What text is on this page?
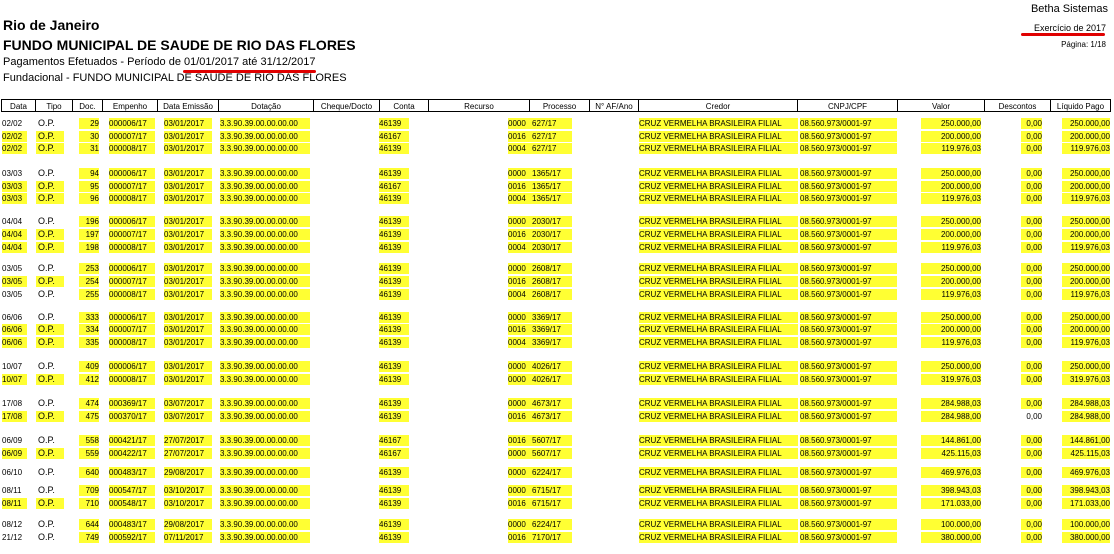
Betha Sistemas
Exercício de 2017
Página: 1/18
Rio de Janeiro
FUNDO MUNICIPAL DE SAUDE DE RIO DAS FLORES
Pagamentos Efetuados - Período de 01/01/2017 até 31/12/2017
Fundacional - FUNDO MUNICIPAL DE SAUDE DE RIO DAS FLORES
Data	Tipo	Doc.	Empenho	Data Emissão	Dotação	Cheque/Docto	Conta	Recurso	Processo	N° AF/Ano	Credor	CNPJ/CPF	Valor	Descontos	Líquido Pago
02/02	O.P.	29 000006/17	03/01/2017	3.3.90.39.00.00.00.00	46139	0000 627/17	CRUZ VERMELHA BRASILEIRA FILIAL	08.560.973/0001-97	250.000,00	0,00	250.000,00
02/02	O.P.	30 000007/17	03/01/2017	3.3.90.39.00.00.00.00	46167	0016 627/17	CRUZ VERMELHA BRASILEIRA FILIAL	08.560.973/0001-97	200.000,00	0,00	200.000,00
02/02	O.P.	31 000008/17	03/01/2017	3.3.90.39.00.00.00.00	46139	0004 627/17	CRUZ VERMELHA BRASILEIRA FILIAL	08.560.973/0001-97	119.976,03	0,00	119.976,03
03/03	O.P.	94 000006/17	03/01/2017	3.3.90.39.00.00.00.00	46139	0000 1365/17	CRUZ VERMELHA BRASILEIRA FILIAL	08.560.973/0001-97	250.000,00	0,00	250.000,00
03/03	O.P.	95 000007/17	03/01/2017	3.3.90.39.00.00.00.00	46167	0016 1365/17	CRUZ VERMELHA BRASILEIRA FILIAL	08.560.973/0001-97	200.000,00	0,00	200.000,00
03/03	O.P.	96 000008/17	03/01/2017	3.3.90.39.00.00.00.00	46139	0004 1365/17	CRUZ VERMELHA BRASILEIRA FILIAL	08.560.973/0001-97	119.976,03	0,00	119.976,03
04/04	O.P.	196 000006/17	03/01/2017	3.3.90.39.00.00.00.00	46139	0000 2030/17	CRUZ VERMELHA BRASILEIRA FILIAL	08.560.973/0001-97	250.000,00	0,00	250.000,00
04/04	O.P.	197 000007/17	03/01/2017	3.3.90.39.00.00.00.00	46139	0016 2030/17	CRUZ VERMELHA BRASILEIRA FILIAL	08.560.973/0001-97	200.000,00	0,00	200.000,00
04/04	O.P.	198 000008/17	03/01/2017	3.3.90.39.00.00.00.00	46139	0004 2030/17	CRUZ VERMELHA BRASILEIRA FILIAL	08.560.973/0001-97	119.976,03	0,00	119.976,03
03/05	O.P.	253 000006/17	03/01/2017	3.3.90.39.00.00.00.00	46139	0000 2608/17	CRUZ VERMELHA BRASILEIRA FILIAL	08.560.973/0001-97	250.000,00	0,00	250.000,00
03/05	O.P.	254 000007/17	03/01/2017	3.3.90.39.00.00.00.00	46139	0016 2608/17	CRUZ VERMELHA BRASILEIRA FILIAL	08.560.973/0001-97	200.000,00	0,00	200.000,00
03/05	O.P.	255 000008/17	03/01/2017	3.3.90.39.00.00.00.00	46139	0004 2608/17	CRUZ VERMELHA BRASILEIRA FILIAL	08.560.973/0001-97	119.976,03	0,00	119.976,03
06/06	O.P.	333 000006/17	03/01/2017	3.3.90.39.00.00.00.00	46139	0000 3369/17	CRUZ VERMELHA BRASILEIRA FILIAL	08.560.973/0001-97	250.000,00	0,00	250.000,00
06/06	O.P.	334 000007/17	03/01/2017	3.3.90.39.00.00.00.00	46139	0016 3369/17	CRUZ VERMELHA BRASILEIRA FILIAL	08.560.973/0001-97	200.000,00	0,00	200.000,00
06/06	O.P.	335 000008/17	03/01/2017	3.3.90.39.00.00.00.00	46139	0004 3369/17	CRUZ VERMELHA BRASILEIRA FILIAL	08.560.973/0001-97	119.976,03	0,00	119.976,03
10/07	O.P.	409 000006/17	03/01/2017	3.3.90.39.00.00.00.00	46139	0000 4026/17	CRUZ VERMELHA BRASILEIRA FILIAL	08.560.973/0001-97	250.000,00	0,00	250.000,00
10/07	O.P.	412 000008/17	03/01/2017	3.3.90.39.00.00.00.00	46139	0000 4026/17	CRUZ VERMELHA BRASILEIRA FILIAL	08.560.973/0001-97	319.976,03	0,00	319.976,03
17/08	O.P.	474 000369/17	03/07/2017	3.3.90.39.00.00.00.00	46139	0000 4673/17	CRUZ VERMELHA BRASILEIRA FILIAL	08.560.973/0001-97	284.988,03	0,00	284.988,03
17/08	O.P.	475 000370/17	03/07/2017	3.3.90.39.00.00.00.00	46139	0016 4673/17	CRUZ VERMELHA BRASILEIRA FILIAL	08.560.973/0001-97	284.988,00	0,00	284.988,00
06/09	O.P.	558 000421/17	27/07/2017	3.3.90.39.00.00.00.00	46167	0016 5607/17	CRUZ VERMELHA BRASILEIRA FILIAL	08.560.973/0001-97	144.861,00	0,00	144.861,00
06/09	O.P.	559 000422/17	27/07/2017	3.3.90.39.00.00.00.00	46167	0000 5607/17	CRUZ VERMELHA BRASILEIRA FILIAL	08.560.973/0001-97	425.115,03	0,00	425.115,03
06/10	O.P.	640 000483/17	29/08/2017	3.3.90.39.00.00.00.00	46139	0000 6224/17	CRUZ VERMELHA BRASILEIRA FILIAL	08.560.973/0001-97	469.976,03	0,00	469.976,03
08/11	O.P.	709 000547/17	03/10/2017	3.3.90.39.00.00.00.00	46139	0000 6715/17	CRUZ VERMELHA BRASILEIRA FILIAL	08.560.973/0001-97	398.943,03	0,00	398.943,03
08/11	O.P.	710 000548/17	03/10/2017	3.3.90.39.00.00.00.00	46139	0016 6715/17	CRUZ VERMELHA BRASILEIRA FILIAL	08.560.973/0001-97	171.033,00	0,00	171.033,00
08/12	O.P.	644 000483/17	29/08/2017	3.3.90.39.00.00.00.00	46139	0000 6224/17	CRUZ VERMELHA BRASILEIRA FILIAL	08.560.973/0001-97	100.000,00	0,00	100.000,00
21/12	O.P.	749 000592/17	07/11/2017	3.3.90.39.00.00.00.00	46139	0016 7170/17	CRUZ VERMELHA BRASILEIRA FILIAL	08.560.973/0001-97	380.000,00	0,00	380.000,00
